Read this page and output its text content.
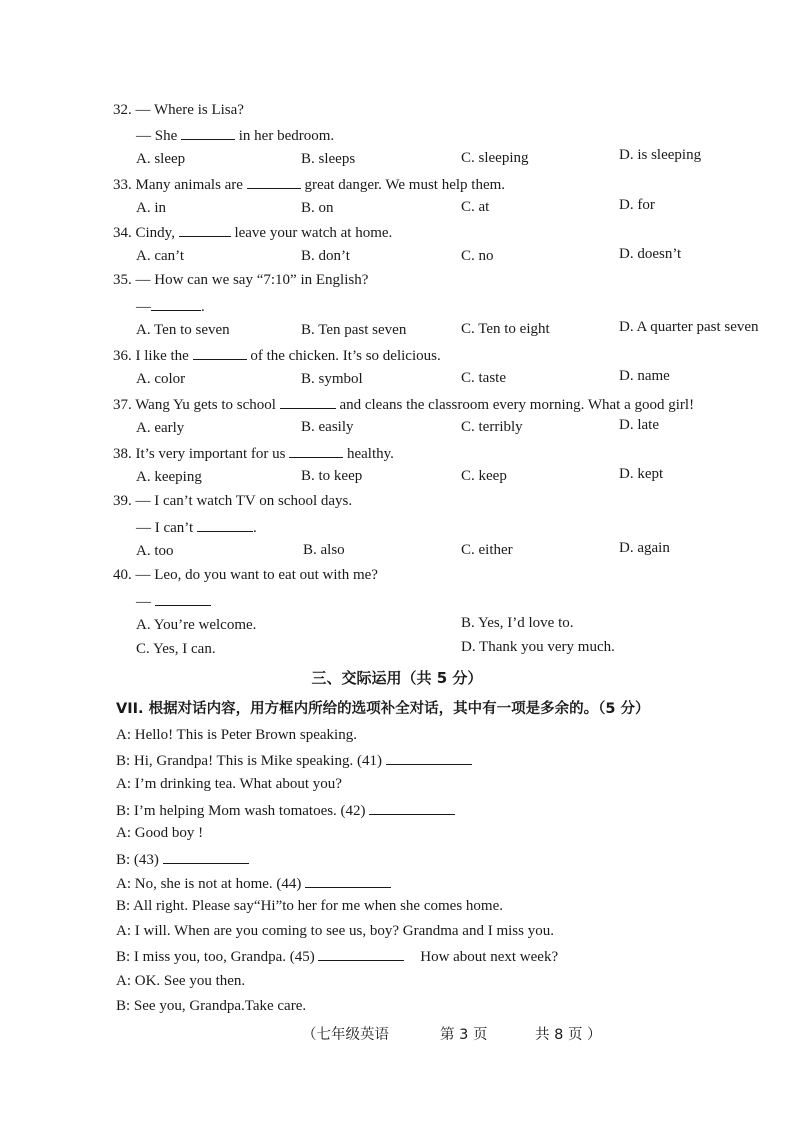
32. — Where is Lisa?
— She	in her bedroom.
A. sleep	B. sleeps	C. sleeping	D. is sleeping
33. Many animals are	great danger. We must help them.
A. in	B. on	C. at	D. for
34. Cindy,	leave your watch at home.
A. can’t	B. don’t	C. no	D. doesn’t
35. — How can we say “7:10” in English?
—	.
A. Ten to seven	B. Ten past seven	C. Ten to eight	D. A quarter past seven
36. I like the	of the chicken. It’s so delicious.
A. color	B. symbol	C. taste	D. name
37. Wang Yu gets to school	and cleans the classroom every morning. What a good girl!
A. early	B. easily	C. terribly	D. late
38. It’s very important for us	healthy.
A. keeping	B. to keep	C. keep	D. kept
39. — I can’t watch TV on school days.
— I can’t	.
A. too	B. also	C. either	D. again
40. — Leo, do you want to eat out with me?
—
A. You’re welcome.	B. Yes, I’d love to.
C. Yes, I can.	D. Thank you very much.
三、交际运用（共 5 分）
VII. 根据对话内容，用方框内所给的选项补全对话，其中有一项是多余的。（5 分）
A: Hello! This is Peter Brown speaking.
B: Hi, Grandpa! This is Mike speaking. (41)
A: I’m drinking tea. What about you?
B: I’m helping Mom wash tomatoes. (42)
A: Good boy !
B: (43)
A: No, she is not at home. (44)
B: All right. Please say“Hi”to her for me when she comes home.
A: I will. When are you coming to see us, boy? Grandma and I miss you.
B: I miss you, too, Grandpa. (45)	How about next week?
A: OK. See you then.
B: See you, Grandpa.Take care.
（七年级英语	第 3 页	共 8 页 ）
